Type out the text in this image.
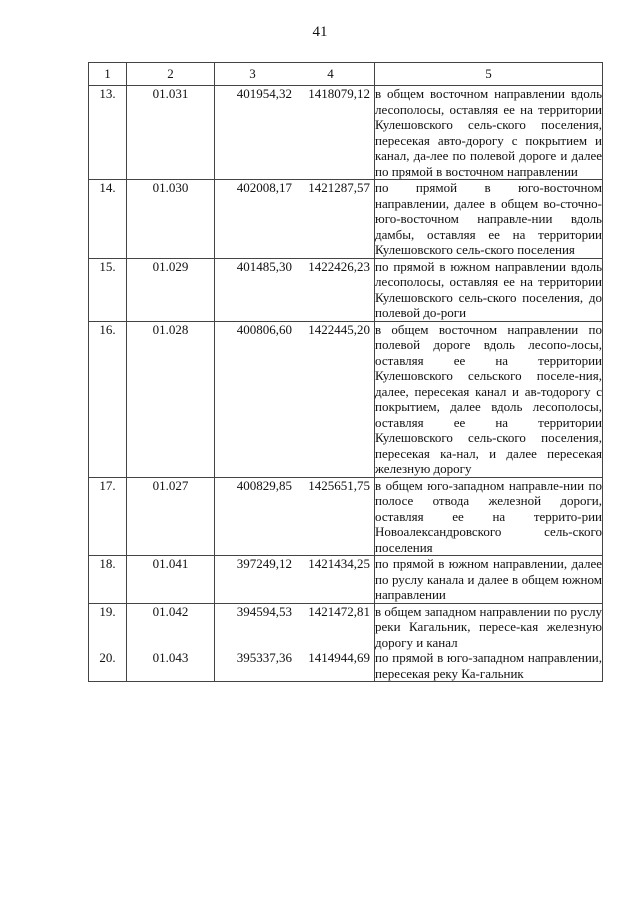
41
1	2	3 4	5
13.	01.031	401954,32 1418079,12	в общем восточном направлении вдоль лесополосы, оставляя ее на территории Кулешовского сель-ского поселения, пересекая авто-дорогу с покрытием и канал, да-лее по полевой дороге и далее по прямой в восточном направлении
14.	01.030	402008,17 1421287,57	по прямой в юго-восточном направлении, далее в общем во-сточно-юго-восточном направле-нии вдоль дамбы, оставляя ее на территории Кулешовского сель-ского поселения
15.	01.029	401485,30 1422426,23	по прямой в южном направлении вдоль лесополосы, оставляя ее на территории Кулешовского сель-ского поселения, до полевой до-роги
16.	01.028	400806,60 1422445,20	в общем восточном направлении по полевой дороге вдоль лесопо-лосы, оставляя ее на территории Кулешовского сельского поселе-ния, далее, пересекая канал и ав-тодорогу с покрытием, далее вдоль лесополосы, оставляя ее на территории Кулешовского сель-ского поселения, пересекая ка-нал, и далее пересекая железную дорогу
17.	01.027	400829,85 1425651,75	в общем юго-западном направле-нии по полосе отвода железной дороги, оставляя ее на террито-рии Новоалександровского сель-ского поселения
18.	01.041	397249,12 1421434,25	по прямой в южном направлении, далее по руслу канала и далее в общем южном направлении
19.	01.042	394594,53 1421472,81	в общем западном направлении по руслу реки Кагальник, пересе-кая железную дорогу и канал
20.	01.043	395337,36 1414944,69	по прямой в юго-западном направлении, пересекая реку Ка-гальник
